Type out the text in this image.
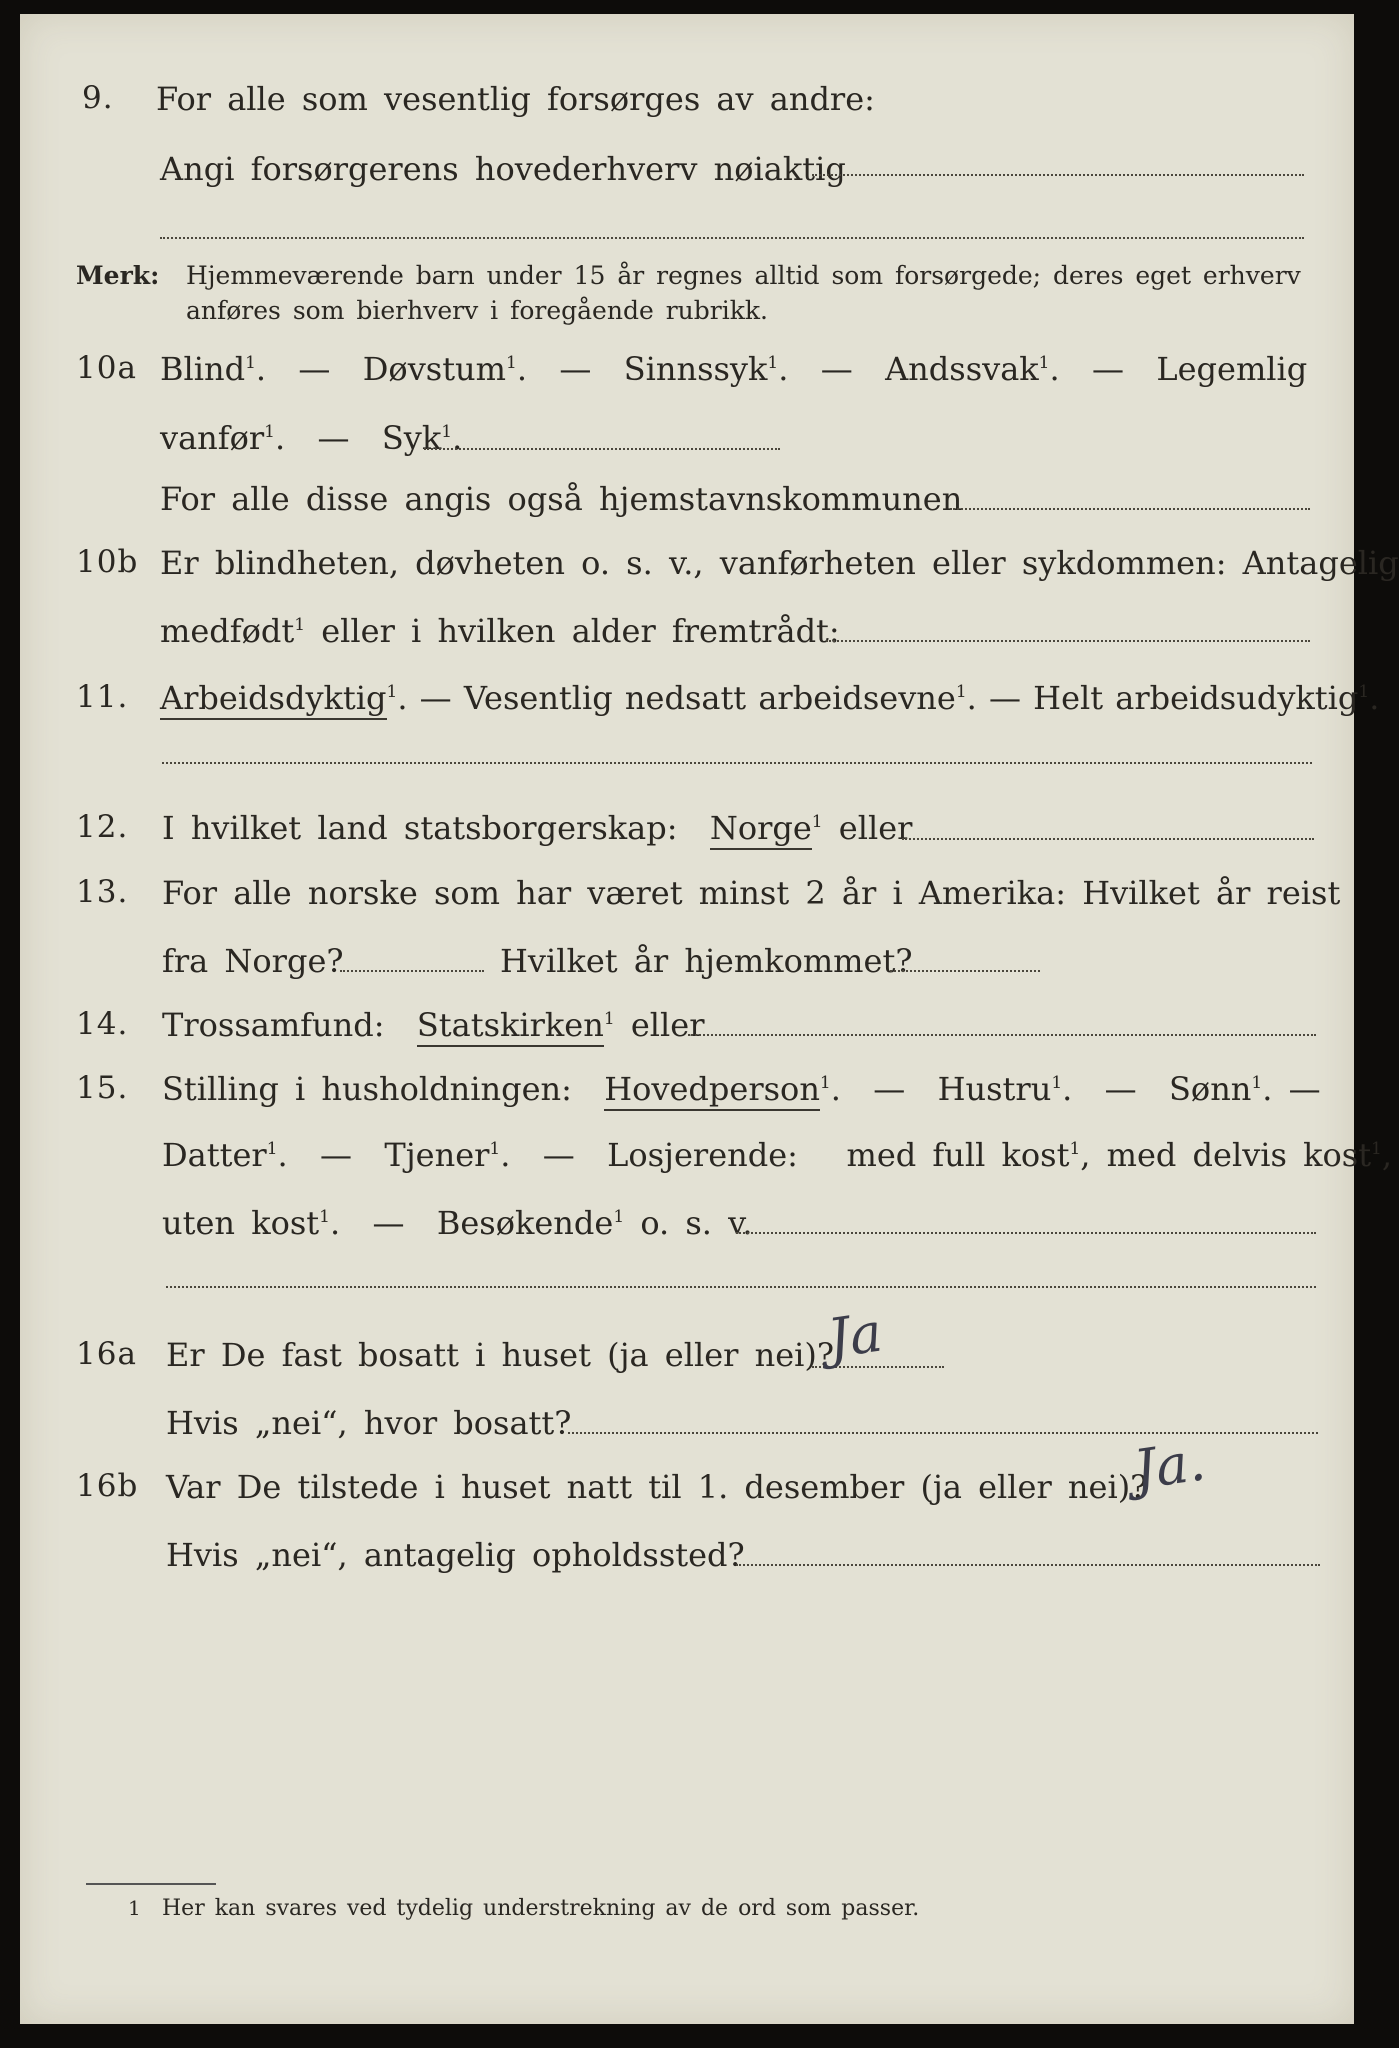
9. For alle som vesentlig forsørges av andre:
Angi forsørgerens hovederhverv nøiaktig
Merk: Hjemmeværende barn under 15 år regnes alltid som forsørgede; deres eget erhverv
anføres som bierhverv i foregående rubrikk.
10a Blind$^1$.  —  Døvstum$^1$.  —  Sinnssyk$^1$.  —  Andssvak$^1$.  —  Legemlig
vanfør$^1$.  —  Syk$^1$.
For alle disse angis også hjemstavnskommunen
10b Er blindheten, døvheten o. s. v., vanførheten eller sykdommen: Antagelig
medfødt$^1$ eller i hvilken alder fremtrådt:
11. Arbeidsdyktig$^1$. — Vesentlig nedsatt arbeidsevne$^1$. — Helt arbeidsudyktig$^1$.
12. I hvilket land statsborgerskap: Norge$^1$ eller
13. For alle norske som har været minst 2 år i Amerika: Hvilket år reist
fra Norge?	Hvilket år hjemkommet?
14. Trossamfund: Statskirken$^1$ eller
15. Stilling i husholdningen: Hovedperson$^1$.  —  Hustru$^1$.  —  Sønn$^1$. —
Datter$^1$.  —  Tjener$^1$.  —  Losjerende: med full kost$^1$, med delvis kost$^1$,
uten kost$^1$.  —  Besøkende$^1$ o. s. v.
16a Er De fast bosatt i huset (ja eller nei)?
Ja
Hvis „nei“, hvor bosatt?
16b Var De tilstede i huset natt til 1. desember (ja eller nei)?
Ja.
Hvis „nei“, antagelig opholdssted?
1 Her kan svares ved tydelig understrekning av de ord som passer.
